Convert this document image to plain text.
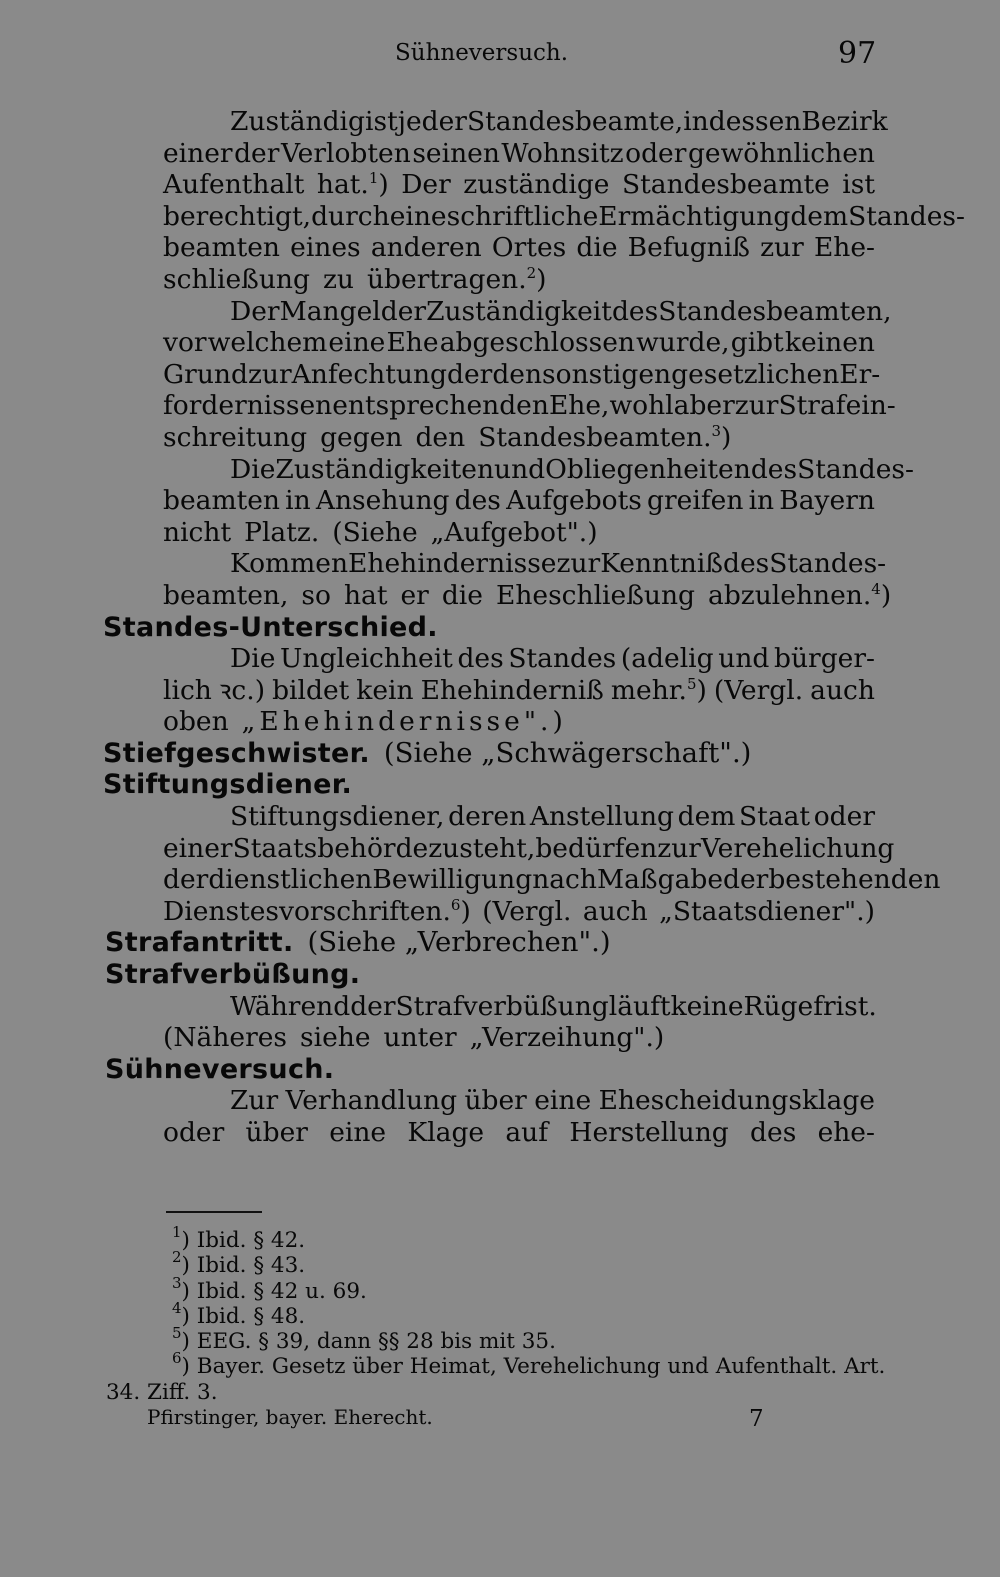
Sühneversuch.	97
Zuständig ist jeder Standesbeamte, in dessen Bezirk
einer der Verlobten seinen Wohnsitz oder gewöhnlichen
Aufenthalt hat.$^1$) Der zuständige Standesbeamte ist
berechtigt, durch eine schriftliche Ermächtigung dem Standes-
beamten eines anderen Ortes die Befugniß zur Ehe-
schließung zu übertragen.$^2$)
Der Mangel der Zuständigkeit des Standesbeamten,
vor welchem eine Ehe abgeschlossen wurde, gibt keinen
Grund zur Anfechtung der den sonstigen gesetzlichen Er-
fordernissen entsprechenden Ehe, wohl aber zur Strafein-
schreitung gegen den Standesbeamten.$^3$)
Die Zuständigkeiten und Obliegenheiten des Standes-
beamten in Ansehung des Aufgebots greifen in Bayern
nicht Platz. (Siehe „Aufgebot".)
Kommen Ehehindernisse zur Kenntniß des Standes-
beamten, so hat er die Eheschließung abzulehnen.$^4$)
Standes-Unterschied.
Die Ungleichheit des Standes (adelig und bürger-
lich ꝛc.) bildet kein Ehehinderniß mehr.$^5$) (Vergl. auch
oben „Ehehindernisse".)
Stiefgeschwister. (Siehe „Schwägerschaft".)
Stiftungsdiener.
Stiftungsdiener, deren Anstellung dem Staat oder
einer Staatsbehörde zusteht, bedürfen zur Verehelichung
der dienstlichen Bewilligung nach Maßgabe der bestehenden
Dienstesvorschriften.$^6$) (Vergl. auch „Staatsdiener".)
Strafantritt. (Siehe „Verbrechen".)
Strafverbüßung.
Während der Strafverbüßung läuft keine Rügefrist.
(Näheres siehe unter „Verzeihung".)
Sühneversuch.
Zur Verhandlung über eine Ehescheidungsklage
oder über eine Klage auf Herstellung des ehe-
$^1$) Ibid. § 42.
$^2$) Ibid. § 43.
$^3$) Ibid. § 42 u. 69.
$^4$) Ibid. § 48.
$^5$) EEG. § 39, dann §§ 28 bis mit 35.
$^6$) Bayer. Gesetz über Heimat, Verehelichung und Aufenthalt. Art.
34. Ziff. 3.
Pfirstinger, bayer. Eherecht.	7
